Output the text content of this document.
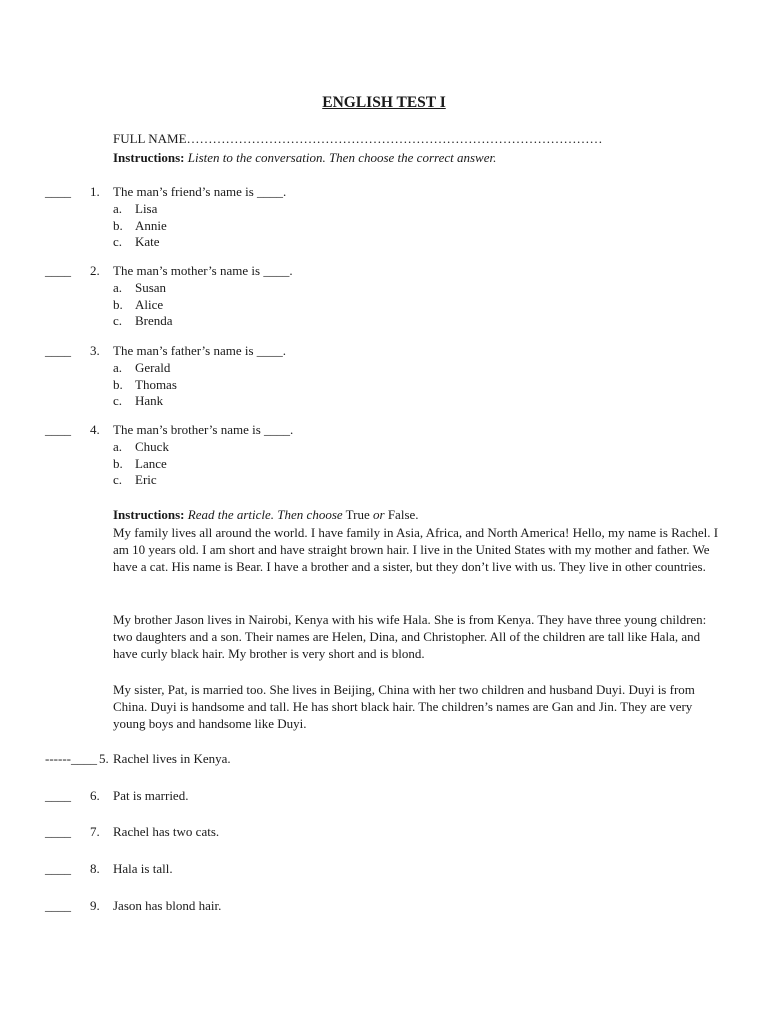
ENGLISH TEST I
FULL NAME……………………………………………………………………………………
Instructions: Listen to the conversation. Then choose the correct answer.
____ 1. The man’s friend’s name is ____.
a. Lisa
b. Annie
c. Kate
____ 2. The man’s mother’s name is ____.
a. Susan
b. Alice
c. Brenda
____ 3. The man’s father’s name is ____.
a. Gerald
b. Thomas
c. Hank
____ 4. The man’s brother’s name is ____.
a. Chuck
b. Lance
c. Eric
Instructions: Read the article. Then choose True or False.

My family lives all around the world. I have family in Asia, Africa, and North America! Hello, my name is Rachel. I am 10 years old. I am short and have straight brown hair. I live in the United States with my mother and father. We have a cat. His name is Bear. I have a brother and a sister, but they don’t live with us. They live in other countries.

My brother Jason lives in Nairobi, Kenya with his wife Hala. She is from Kenya. They have three young children: two daughters and a son. Their names are Helen, Dina, and Christopher. All of the children are tall like Hala, and have curly black hair. My brother is very short and is blond.

My sister, Pat, is married too. She lives in Beijing, China with her two children and husband Duyi. Duyi is from China. Duyi is handsome and tall. He has short black hair. The children’s names are Gan and Jin. They are very young boys and handsome like Duyi.

------____ 5. Rachel lives in Kenya.
____ 6. Pat is married.
____ 7. Rachel has two cats.
____ 8. Hala is tall.
____ 9. Jason has blond hair.
